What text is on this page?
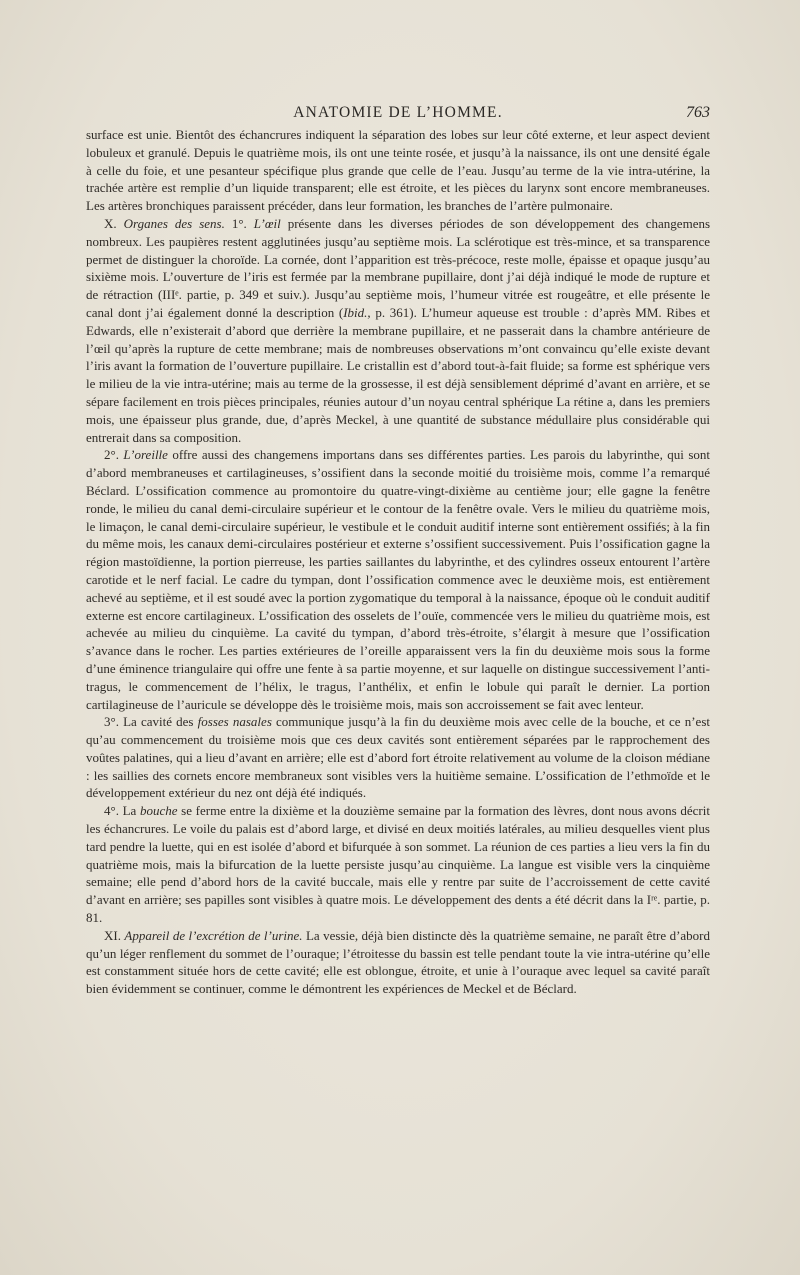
ANATOMIE DE L’HOMME.	763

surface est unie. Bientôt des échancrures indiquent la séparation des lobes sur leur côté externe, et leur aspect devient lobuleux et granulé. Depuis le quatrième mois, ils ont une teinte rosée, et jusqu’à la naissance, ils ont une densité égale à celle du foie, et une pesanteur spécifique plus grande que celle de l’eau. Jusqu’au terme de la vie intra-utérine, la trachée artère est remplie d’un liquide transparent; elle est étroite, et les pièces du larynx sont encore membraneuses. Les artères bronchiques paraissent précéder, dans leur formation, les branches de l’artère pulmonaire.

X. Organes des sens. 1°. L’œil présente dans les diverses périodes de son développement des changemens nombreux. Les paupières restent agglutinées jusqu’au septième mois. La sclérotique est très-mince, et sa transparence permet de distinguer la choroïde. La cornée, dont l’apparition est très-précoce, reste molle, épaisse et opaque jusqu’au sixième mois. L’ouverture de l’iris est fermée par la membrane pupillaire, dont j’ai déjà indiqué le mode de rupture et de rétraction (IIIᵉ. partie, p. 349 et suiv.). Jusqu’au septième mois, l’humeur vitrée est rougeâtre, et elle présente le canal dont j’ai également donné la description (Ibid., p. 361). L’humeur aqueuse est trouble : d’après MM. Ribes et Edwards, elle n’existerait d’abord que derrière la membrane pupillaire, et ne passerait dans la chambre antérieure de l’œil qu’après la rupture de cette membrane; mais de nombreuses observations m’ont convaincu qu’elle existe devant l’iris avant la formation de l’ouverture pupillaire. Le cristallin est d’abord tout-à-fait fluide; sa forme est sphérique vers le milieu de la vie intra-utérine; mais au terme de la grossesse, il est déjà sensiblement déprimé d’avant en arrière, et se sépare facilement en trois pièces principales, réunies autour d’un noyau central sphérique La rétine a, dans les premiers mois, une épaisseur plus grande, due, d’après Meckel, à une quantité de substance médullaire plus considérable qui entrerait dans sa composition.

2°. L’oreille offre aussi des changemens importans dans ses différentes parties. Les parois du labyrinthe, qui sont d’abord membraneuses et cartilagineuses, s’ossifient dans la seconde moitié du troisième mois, comme l’a remarqué Béclard. L’ossification commence au promontoire du quatre-vingt-dixième au centième jour; elle gagne la fenêtre ronde, le milieu du canal demi-circulaire supérieur et le contour de la fenêtre ovale. Vers le milieu du quatrième mois, le limaçon, le canal demi-circulaire supérieur, le vestibule et le conduit auditif interne sont entièrement ossifiés; à la fin du même mois, les canaux demi-circulaires postérieur et externe s’ossifient successivement. Puis l’ossification gagne la région mastoïdienne, la portion pierreuse, les parties saillantes du labyrinthe, et des cylindres osseux entourent l’artère carotide et le nerf facial. Le cadre du tympan, dont l’ossification commence avec le deuxième mois, est entièrement achevé au septième, et il est soudé avec la portion zygomatique du temporal à la naissance, époque où le conduit auditif externe est encore cartilagineux. L’ossification des osselets de l’ouïe, commencée vers le milieu du quatrième mois, est achevée au milieu du cinquième. La cavité du tympan, d’abord très-étroite, s’élargit à mesure que l’ossification s’avance dans le rocher. Les parties extérieures de l’oreille apparaissent vers la fin du deuxième mois sous la forme d’une éminence triangulaire qui offre une fente à sa partie moyenne, et sur laquelle on distingue successivement l’anti-tragus, le commencement de l’hélix, le tragus, l’anthélix, et enfin le lobule qui paraît le dernier. La portion cartilagineuse de l’auricule se développe dès le troisième mois, mais son accroissement se fait avec lenteur.

3°. La cavité des fosses nasales communique jusqu’à la fin du deuxième mois avec celle de la bouche, et ce n’est qu’au commencement du troisième mois que ces deux cavités sont entièrement séparées par le rapprochement des voûtes palatines, qui a lieu d’avant en arrière; elle est d’abord fort étroite relativement au volume de la cloison médiane : les saillies des cornets encore membraneux sont visibles vers la huitième semaine. L’ossification de l’ethmoïde et le développement extérieur du nez ont déjà été indiqués.

4°. La bouche se ferme entre la dixième et la douzième semaine par la formation des lèvres, dont nous avons décrit les échancrures. Le voile du palais est d’abord large, et divisé en deux moitiés latérales, au milieu desquelles vient plus tard pendre la luette, qui en est isolée d’abord et bifurquée à son sommet. La réunion de ces parties a lieu vers la fin du quatrième mois, mais la bifurcation de la luette persiste jusqu’au cinquième. La langue est visible vers la cinquième semaine; elle pend d’abord hors de la cavité buccale, mais elle y rentre par suite de l’accroissement de cette cavité d’avant en arrière; ses papilles sont visibles à quatre mois. Le développement des dents a été décrit dans la Iʳᵉ. partie, p. 81.

XI. Appareil de l’excrétion de l’urine. La vessie, déjà bien distincte dès la quatrième semaine, ne paraît être d’abord qu’un léger renflement du sommet de l’ouraque; l’étroitesse du bassin est telle pendant toute la vie intra-utérine qu’elle est constamment située hors de cette cavité; elle est oblongue, étroite, et unie à l’ouraque avec lequel sa cavité paraît bien évidemment se continuer, comme le démontrent les expériences de Meckel et de Béclard.
